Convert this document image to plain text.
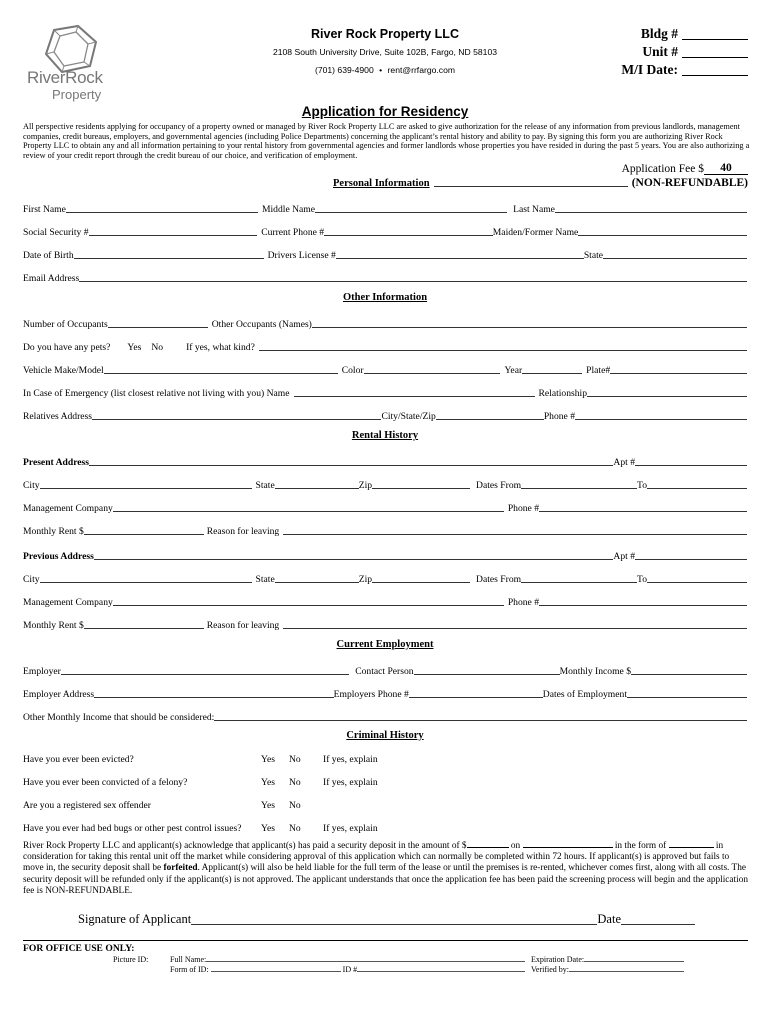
RiverRock
Property
River Rock Property LLC
2108 South University Drive, Suite 102B, Fargo, ND 58103
(701) 639-4900 • rent@rrfargo.com
Bldg #
Unit #
M/I Date:
Application for Residency
All perspective residents applying for occupancy of a property owned or managed by River Rock Property LLC are asked to give authorization for the release of any information from previous landlords, management companies, credit bureaus, employers, and governmental agencies (including Police Departments) concerning the applicant’s rental history and ability to pay. By signing this form you are authorizing River Rock Property LLC to obtain any and all information pertaining to your rental history from governmental agencies and former landlords whose properties you have resided in during the past 5 years. You are also authorizing a review of your credit report through the credit bureau of our choice, and verification of employment.
Application Fee $	40
Personal Information	(NON-REFUNDABLE)
First Name	Middle Name	Last Name
Social Security #	Current Phone #	Maiden/Former Name
Date of Birth	Drivers License #	State
Email Address
Other Information
Number of Occupants	Other Occupants (Names)
Do you have any pets? Yes No If yes, what kind?
Vehicle Make/Model	Color	Year	Plate#
In Case of Emergency (list closest relative not living with you) Name	Relationship
Relatives Address	City/State/Zip	Phone #
Rental History
Present Address	Apt #
City	State	Zip	Dates From	To
Management Company	Phone #
Monthly Rent $	Reason for leaving
Previous Address	Apt #
City	State	Zip	Dates From	To
Management Company	Phone #
Monthly Rent $	Reason for leaving
Current Employment
Employer	Contact Person	Monthly Income $
Employer Address	Employers Phone #	Dates of Employment
Other Monthly Income that should be considered:
Criminal History
Have you ever been evicted?	Yes No If yes, explain
Have you ever been convicted of a felony?	Yes No If yes, explain
Are you a registered sex offender	Yes No
Have you ever had bed bugs or other pest control issues? Yes No If yes, explain
River Rock Property LLC and applicant(s) acknowledge that applicant(s) has paid a security deposit in the amount of $	on	in the form of	in consideration for taking this rental unit off the market while considering approval of this application which can normally be completed within 72 hours. If applicant(s) is approved but fails to move in, the security deposit shall be forfeited. Applicant(s) will also be held liable for the full term of the lease or until the premises is re-rented, whichever comes first, along with all costs. The security deposit will be refunded only if the applicant(s) is not approved. The applicant understands that once the application fee has been paid the screening process will begin and the application fee is NON-REFUNDABLE.
Signature of Applicant	Date
FOR OFFICE USE ONLY:
Picture ID:	Full Name:	Expiration Date:
Form of ID:	ID #	Verified by:
